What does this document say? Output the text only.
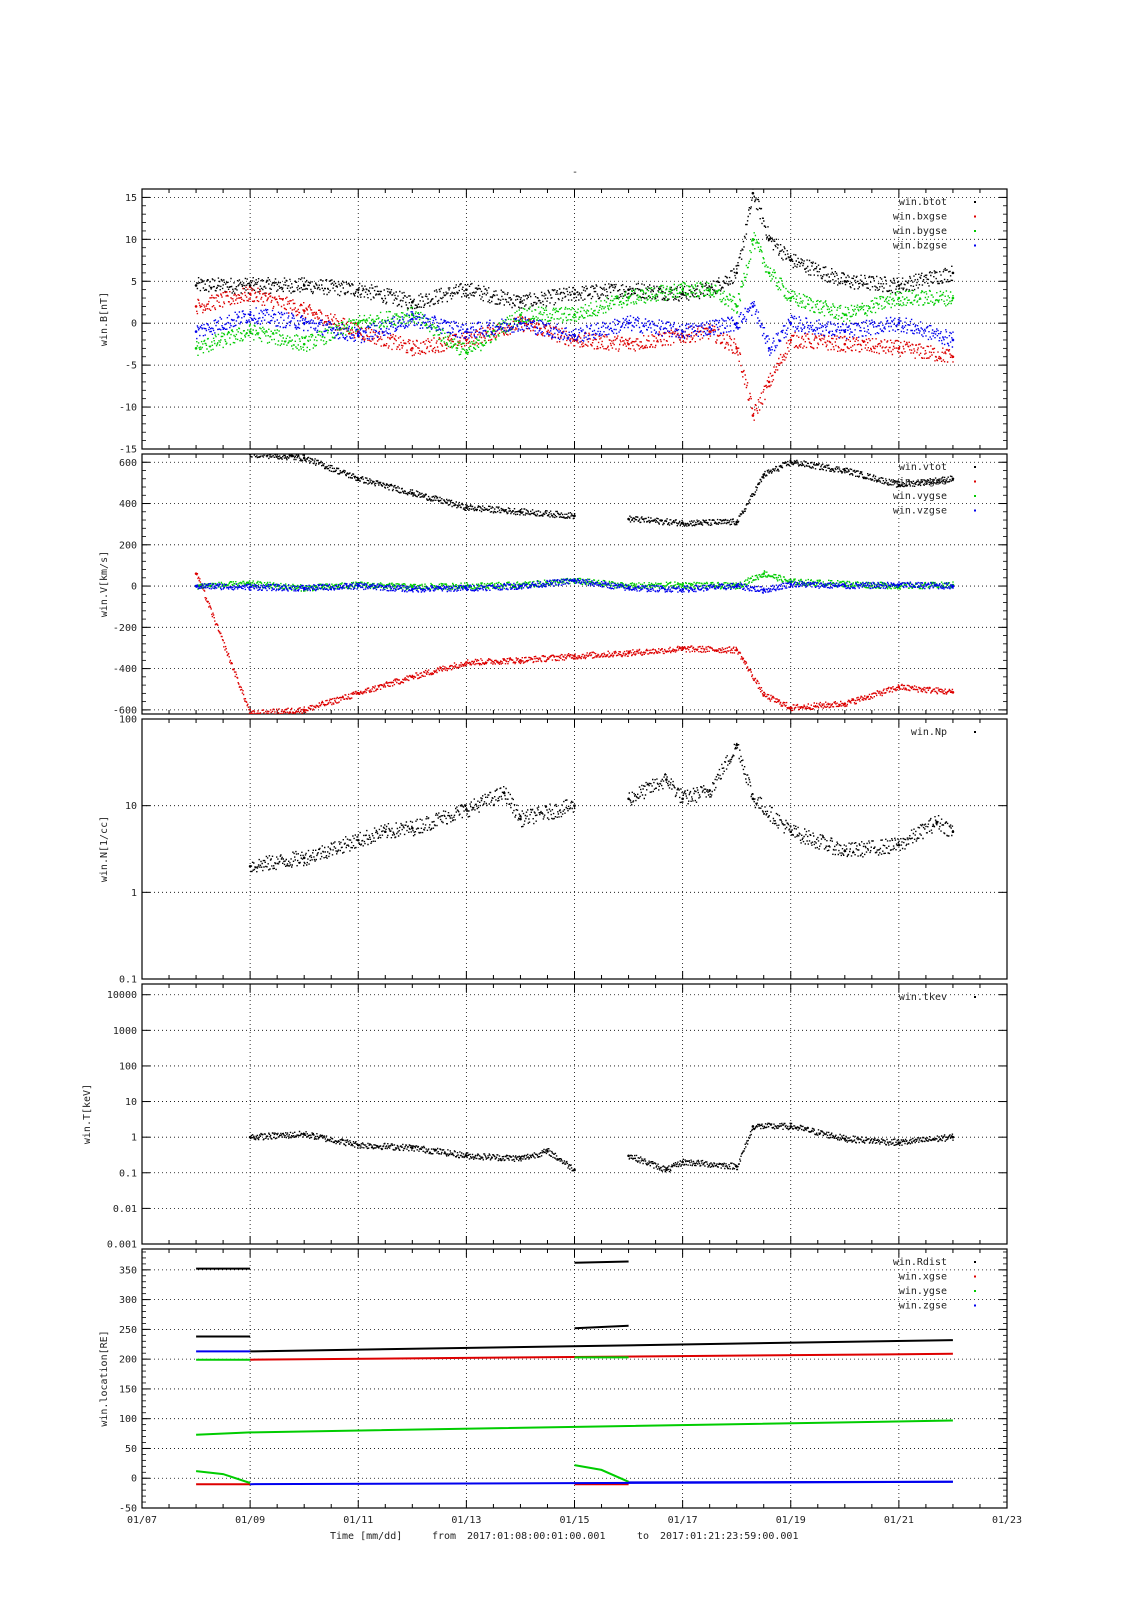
-
-15
-10
-5
0
5
10
15
win.B[nT]
win.btot
win.bxgse
win.bygse
win.bzgse
-600
-400
-200
0
200
400
600
win.V[km/s]
win.vtot
win.vxgse
win.vygse
win.vzgse
0.1
1
10
100
win.N[1/cc]
win.Np
0.001
0.01
0.1
1
10
100
1000
10000
win.T[keV]
win.tkev
-50
0
50
100
150
200
250
300
350
win.location[RE]
win.Rdist
win.xgse
win.ygse
win.zgse
01/07	01/09	01/11	01/13	01/15	01/17	01/19	01/21	01/23
Time [mm/dd]	from 2017:01:08:00:01:00.001	to 2017:01:21:23:59:00.001
